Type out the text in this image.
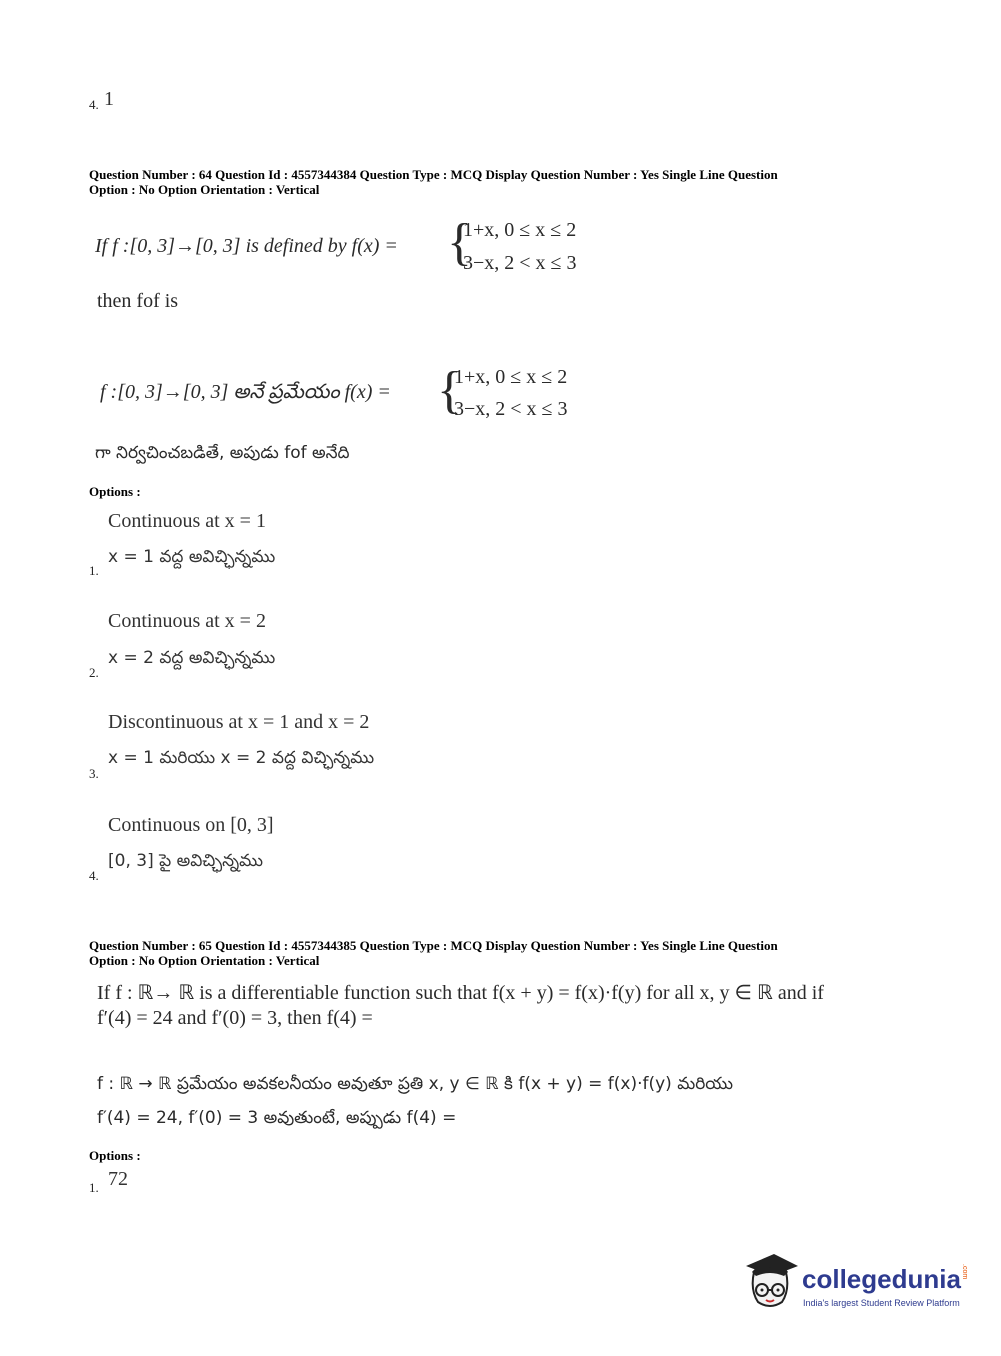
4. 1
Question Number : 64 Question Id : 4557344384 Question Type : MCQ Display Question Number : Yes Single Line Question
Option : No Option Orientation : Vertical
If f :[0, 3]→[0, 3] is defined by f(x) = {
1+x, 0 ≤ x ≤ 2
3−x, 2 < x ≤ 3
then fof is
f :[0, 3]→[0, 3] అనే ప్రమేయం f(x) = {
1+x, 0 ≤ x ≤ 2
3−x, 2 < x ≤ 3
గా నిర్వచించబడితే, అపుడు fof అనేది
Options :
Continuous at x = 1
x = 1 వద్ద అవిచ్ఛిన్నము
1.
Continuous at x = 2
x = 2 వద్ద అవిచ్ఛిన్నము
2.
Discontinuous at x = 1 and x = 2
x = 1 మరియు x = 2 వద్ద విచ్ఛిన్నము
3.
Continuous on [0, 3]
[0, 3] పై అవిచ్ఛిన్నము
4.
Question Number : 65 Question Id : 4557344385 Question Type : MCQ Display Question Number : Yes Single Line Question
Option : No Option Orientation : Vertical
If f : ℝ→ ℝ is a differentiable function such that f(x + y) = f(x)·f(y) for all x, y ∈ ℝ and if
f′(4) = 24 and f′(0) = 3, then f(4) =
f : ℝ → ℝ ప్రమేయం అవకలనీయం అవుతూ ప్రతి x, y ∈ ℝ కి f(x + y) = f(x)·f(y) మరియు
f′(4) = 24, f′(0) = 3 అవుతుంటే, అప్పుడు f(4) =
Options :
72
1.
collegedunia .com
India's largest Student Review Platform
